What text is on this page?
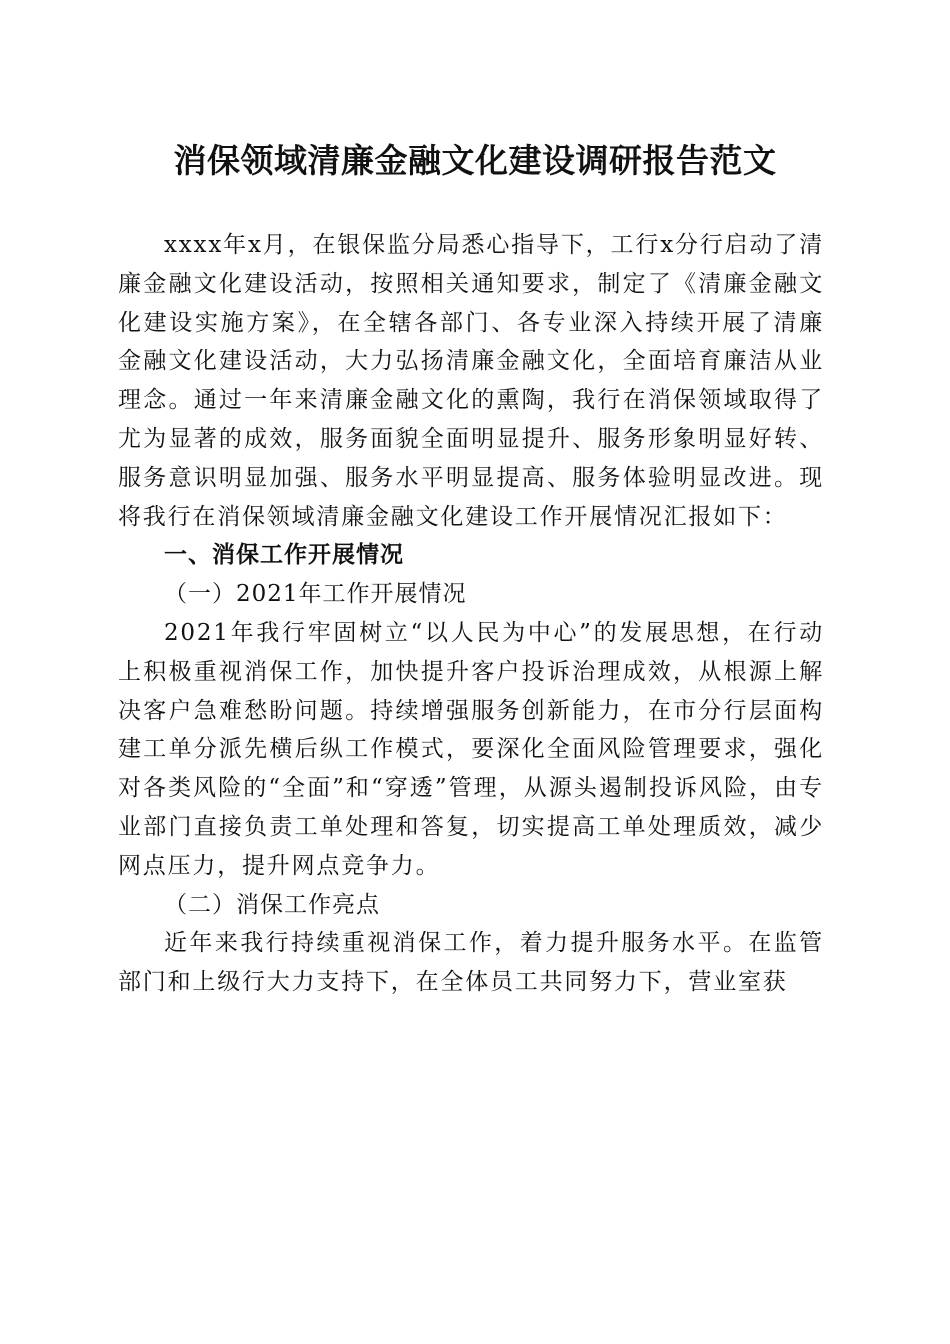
消保领域清廉金融文化建设调研报告范文

xxxx年x月，在银保监分局悉心指导下，工行x分行启动了清廉金融文化建设活动，按照相关通知要求，制定了《清廉金融文化建设实施方案》，在全辖各部门、各专业深入持续开展了清廉金融文化建设活动，大力弘扬清廉金融文化，全面培育廉洁从业理念。通过一年来清廉金融文化的熏陶，我行在消保领域取得了尤为显著的成效，服务面貌全面明显提升、服务形象明显好转、服务意识明显加强、服务水平明显提高、服务体验明显改进。现将我行在消保领域清廉金融文化建设工作开展情况汇报如下：

一、消保工作开展情况

（一）2021年工作开展情况

2021年我行牢固树立“以人民为中心”的发展思想，在行动上积极重视消保工作，加快提升客户投诉治理成效，从根源上解决客户急难愁盼问题。持续增强服务创新能力，在市分行层面构建工单分派先横后纵工作模式，要深化全面风险管理要求，强化对各类风险的“全面”和“穿透”管理，从源头遏制投诉风险，由专业部门直接负责工单处理和答复，切实提高工单处理质效，减少网点压力，提升网点竞争力。

（二）消保工作亮点

近年来我行持续重视消保工作，着力提升服务水平。在监管部门和上级行大力支持下，在全体员工共同努力下，营业室获
